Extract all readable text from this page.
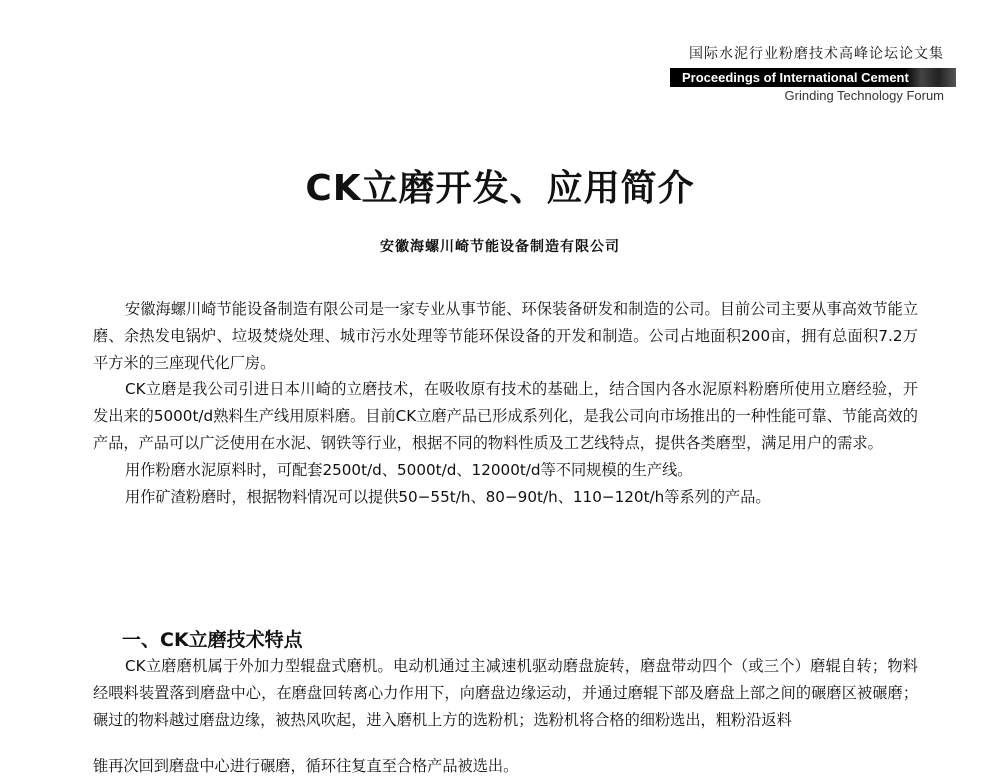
国际水泥行业粉磨技术高峰论坛论文集
Proceedings of International Cement
Grinding Technology Forum
CK立磨开发、应用简介
安徽海螺川崎节能设备制造有限公司

安徽海螺川崎节能设备制造有限公司是一家专业从事节能、环保装备研发和制造的公司。目前公司主要从事高效节能立磨、余热发电锅炉、垃圾焚烧处理、城市污水处理等节能环保设备的开发和制造。公司占地面积200亩，拥有总面积7.2万平方米的三座现代化厂房。

CK立磨是我公司引进日本川崎的立磨技术，在吸收原有技术的基础上，结合国内各水泥原料粉磨所使用立磨经验，开发出来的5000t/d熟料生产线用原料磨。目前CK立磨产品已形成系列化，是我公司向市场推出的一种性能可靠、节能高效的产品，产品可以广泛使用在水泥、钢铁等行业，根据不同的物料性质及工艺线特点，提供各类磨型，满足用户的需求。

用作粉磨水泥原料时，可配套2500t/d、5000t/d、12000t/d等不同规模的生产线。

用作矿渣粉磨时，根据物料情况可以提供50−55t/h、80−90t/h、110−120t/h等系列的产品。

一、CK立磨技术特点

CK立磨磨机属于外加力型辊盘式磨机。电动机通过主减速机驱动磨盘旋转，磨盘带动四个（或三个）磨辊自转；物料经喂料装置落到磨盘中心，在磨盘回转离心力作用下，向磨盘边缘运动，并通过磨辊下部及磨盘上部之间的碾磨区被碾磨；碾过的物料越过磨盘边缘，被热风吹起，进入磨机上方的选粉机；选粉机将合格的细粉选出，粗粉沿返料

锥再次回到磨盘中心进行碾磨，循环往复直至合格产品被选出。
